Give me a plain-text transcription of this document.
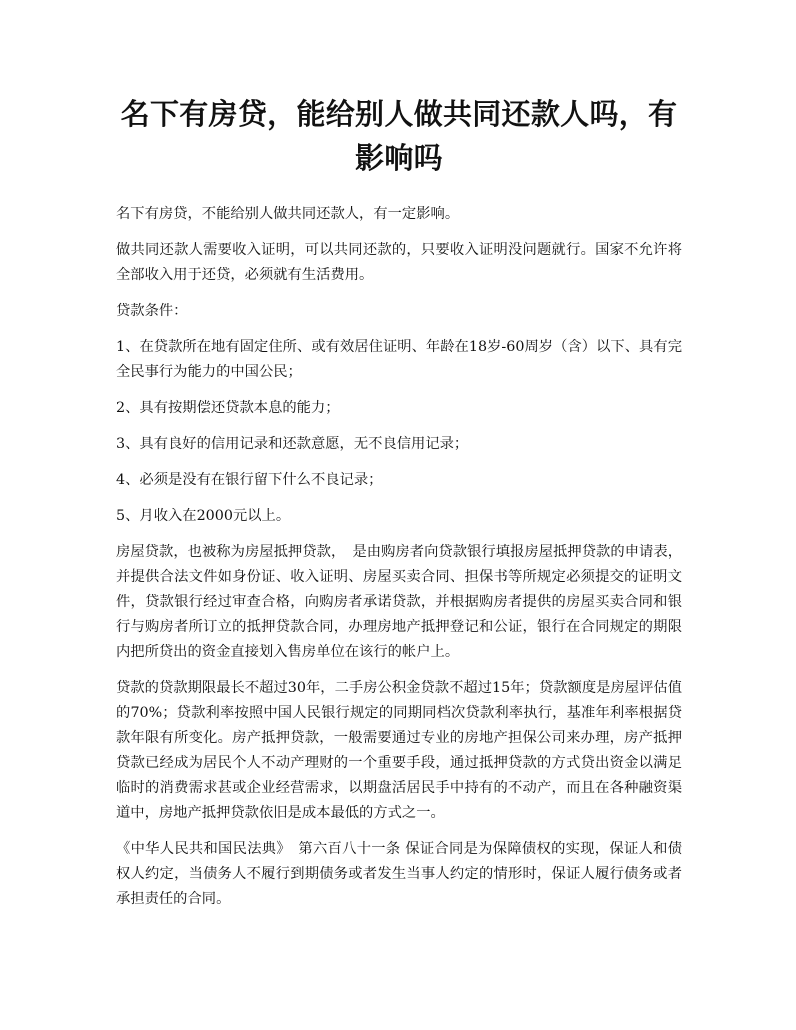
名下有房贷，能给别人做共同还款人吗，有影响吗

名下有房贷，不能给别人做共同还款人，有一定影响。

做共同还款人需要收入证明，可以共同还款的，只要收入证明没问题就行。国家不允许将全部收入用于还贷，必须就有生活费用。

贷款条件：

1、在贷款所在地有固定住所、或有效居住证明、年龄在18岁-60周岁（含）以下、具有完全民事行为能力的中国公民；

2、具有按期偿还贷款本息的能力；

3、具有良好的信用记录和还款意愿，无不良信用记录；

4、必须是没有在银行留下什么不良记录；

5、月收入在2000元以上。

房屋贷款，也被称为房屋抵押贷款，　是由购房者向贷款银行填报房屋抵押贷款的申请表，并提供合法文件如身份证、收入证明、房屋买卖合同、担保书等所规定必须提交的证明文件，贷款银行经过审查合格，向购房者承诺贷款，并根据购房者提供的房屋买卖合同和银行与购房者所订立的抵押贷款合同，办理房地产抵押登记和公证，银行在合同规定的期限内把所贷出的资金直接划入售房单位在该行的帐户上。

贷款的贷款期限最长不超过30年，二手房公积金贷款不超过15年；贷款额度是房屋评估值的70%；贷款利率按照中国人民银行规定的同期同档次贷款利率执行，基准年利率根据贷款年限有所变化。房产抵押贷款，一般需要通过专业的房地产担保公司来办理，房产抵押贷款已经成为居民个人不动产理财的一个重要手段，通过抵押贷款的方式贷出资金以满足临时的消费需求甚或企业经营需求，以期盘活居民手中持有的不动产，而且在各种融资渠道中，房地产抵押贷款依旧是成本最低的方式之一。

《中华人民共和国民法典》　第六百八十一条 保证合同是为保障债权的实现，保证人和债权人约定，当债务人不履行到期债务或者发生当事人约定的情形时，保证人履行债务或者承担责任的合同。
